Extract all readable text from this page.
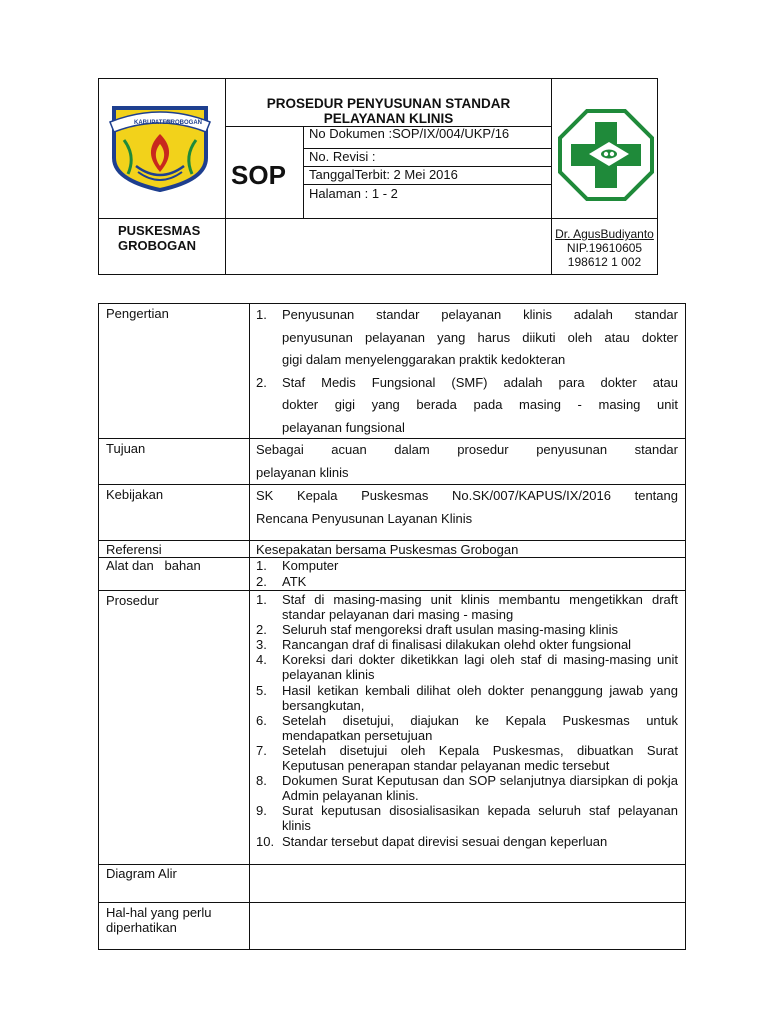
KABUPATEN
GROBOGAN
PROSEDUR PENYUSUNAN STANDAR
PELAYANAN KLINIS
SOP
No Dokumen :SOP/IX/004/UKP/16
No. Revisi :
TanggalTerbit: 2 Mei 2016
Halaman : 1 - 2
PUSKESMAS
GROBOGAN
Dr. AgusBudiyanto
NIP.19610605
198612 1 002
Pengertian	1. Penyusunan standar pelayanan klinis adalah standar
penyusunan pelayanan yang harus diikuti oleh atau dokter
gigi dalam menyelenggarakan praktik kedokteran
2. Staf Medis Fungsional (SMF) adalah para dokter atau
dokter gigi yang berada pada masing - masing unit
pelayanan fungsional
Tujuan	Sebagai acuan dalam prosedur penyusunan standar
pelayanan klinis
Kebijakan	SK Kepala Puskesmas No.SK/007/KAPUS/IX/2016 tentang
Rencana Penyusunan Layanan Klinis
Referensi	Kesepakatan bersama Puskesmas Grobogan
Alat dan   bahan	1. Komputer
2. ATK
Prosedur	1. Staf di masing-masing unit klinis membantu mengetikkan draft standar pelayanan dari masing - masing
2. Seluruh staf mengoreksi draft usulan masing-masing klinis
3. Rancangan draf di finalisasi dilakukan olehd okter fungsional
4. Koreksi dari dokter diketikkan lagi oleh staf di masing-masing unit pelayanan klinis
5. Hasil ketikan kembali dilihat oleh dokter penanggung jawab yang bersangkutan,
6. Setelah disetujui, diajukan ke Kepala Puskesmas untuk mendapatkan persetujuan
7. Setelah disetujui oleh Kepala Puskesmas, dibuatkan Surat Keputusan penerapan standar pelayanan medic tersebut
8. Dokumen Surat Keputusan dan SOP selanjutnya diarsipkan di pokja Admin pelayanan klinis.
9. Surat keputusan disosialisasikan kepada seluruh staf pelayanan klinis
10. Standar tersebut dapat direvisi sesuai dengan keperluan
Diagram Alir
Hal-hal yang perlu
diperhatikan
